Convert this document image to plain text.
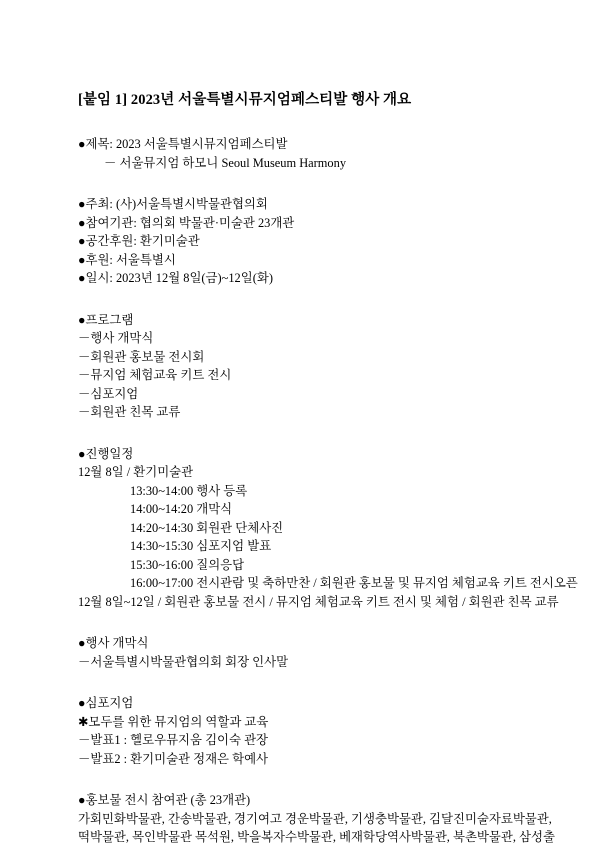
[붙임 1] 2023년 서울특별시뮤지엄페스티발 행사 개요
●제목: 2023 서울특별시뮤지엄페스티발
－ 서울뮤지엄 하모니 Seoul Museum Harmony
●주최: (사)서울특별시박물관협의회
●참여기관: 협의회 박물관·미술관 23개관
●공간후원: 환기미술관
●후원: 서울특별시
●일시: 2023년 12월 8일(금)~12일(화)
●프로그램
－행사 개막식
－회원관 홍보물 전시회
－뮤지엄 체험교육 키트 전시
－심포지엄
－회원관 친목 교류
●진행일정
12월 8일 / 환기미술관
13:30~14:00 행사 등록
14:00~14:20 개막식
14:20~14:30 회원관 단체사진
14:30~15:30 심포지엄 발표
15:30~16:00 질의응답
16:00~17:00 전시관람 및 축하만찬 / 회원관 홍보물 및 뮤지엄 체험교육 키트 전시오픈
12월 8일~12일 / 회원관 홍보물 전시 / 뮤지엄 체험교육 키트 전시 및 체험 / 회원관 친목 교류
●행사 개막식
－서울특별시박물관협의회 회장 인사말
●심포지엄
✱모두를 위한 뮤지엄의 역할과 교육
－발표1 : 헬로우뮤지움 김이숙 관장
－발표2 : 환기미술관 정재은 학예사
●홍보물 전시 참여관 (총 23개관)
가회민화박물관, 간송박물관, 경기여고 경운박물관, 기생충박물관, 김달진미술자료박물관,
떡박물관, 목인박물관 목석원, 박을복자수박물관, 베재학당역사박물관, 북촌박물관, 삼성출
